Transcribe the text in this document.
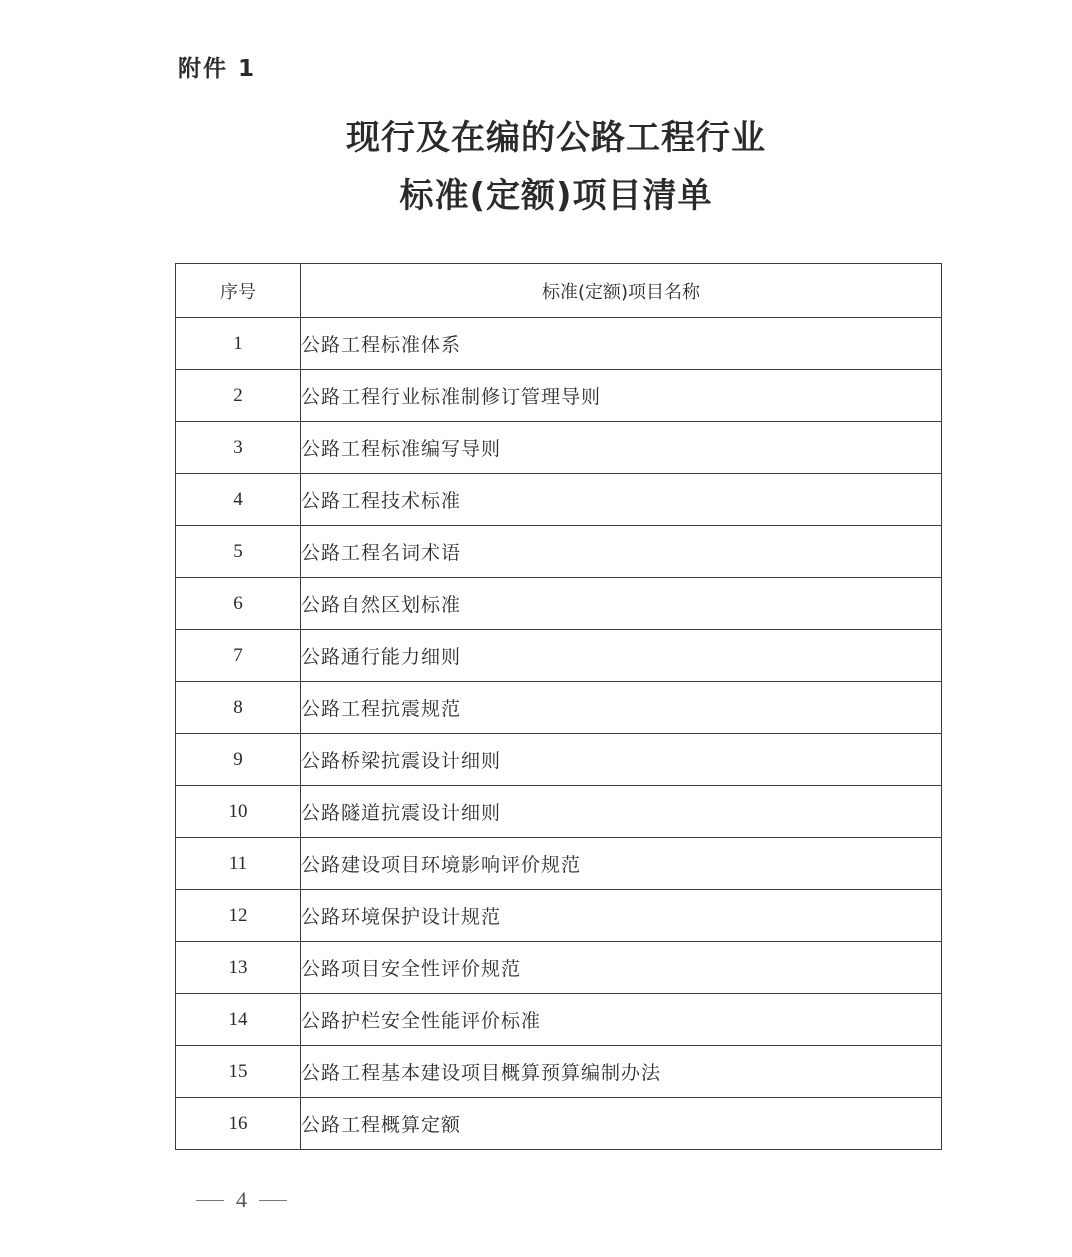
附件 1
现行及在编的公路工程行业
标准(定额)项目清单
序号	标准(定额)项目名称
1	公路工程标准体系
2	公路工程行业标准制修订管理导则
3	公路工程标准编写导则
4	公路工程技术标准
5	公路工程名词术语
6	公路自然区划标准
7	公路通行能力细则
8	公路工程抗震规范
9	公路桥梁抗震设计细则
10	公路隧道抗震设计细则
11	公路建设项目环境影响评价规范
12	公路环境保护设计规范
13	公路项目安全性评价规范
14	公路护栏安全性能评价标准
15	公路工程基本建设项目概算预算编制办法
16	公路工程概算定额
4
